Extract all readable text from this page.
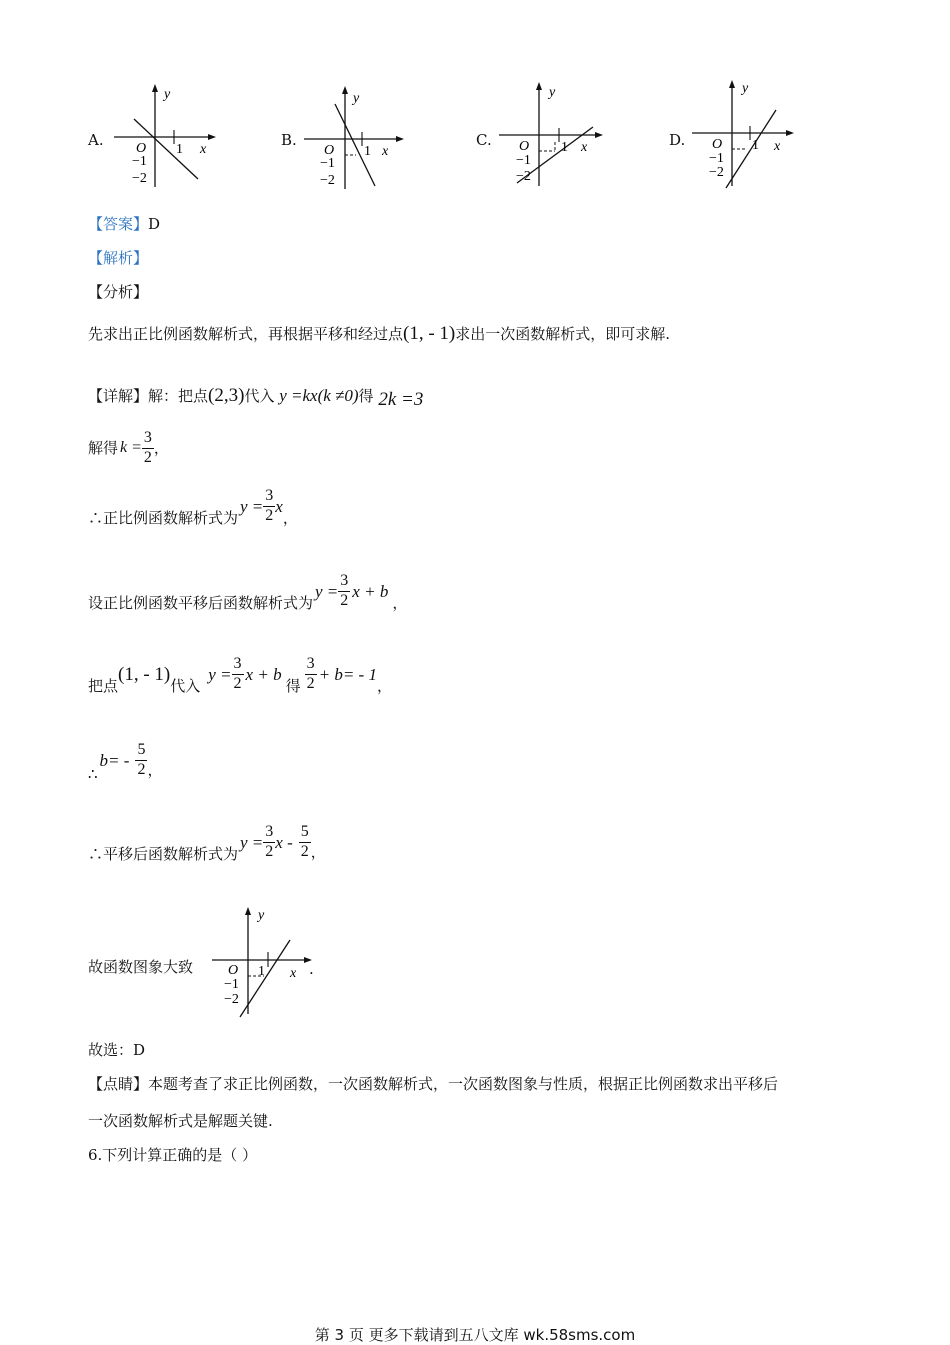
A.
y
x
O 1
−1
−2
B.
y
x
O 1
−1
−2
C.
y
x
O 1
−1
−2
D.
y
x
O 1
−1
−2
【答案】D
【解析】
【分析】
先求出正比例函数解析式，再根据平移和经过点(1, - 1)求出一次函数解析式，即可求解.
【详解】解：把点(2,3)代入 y =kx(k ≠0)得 2k =3
解得 $k = \frac{3}{2}$ ，
∴正比例函数解析式为
$y = \frac{3}{2}$ x
，
设正比例函数平移后函数解析式为
$y = \frac{3}{2}$ x + b
，
把点
(1, - 1)
代入
$y = \frac{3}{2}$ x + b
得 $\frac{3}{2} + b= - 1$
，
∴
$b= - \frac{5}{2}$ ，
∴平移后函数解析式为
$y = \frac{3}{2}$ x - $\frac{5}{2}$ ，
故函数图象大致
y
x
O 1
−1
−2
.
故选：D
【点睛】本题考查了求正比例函数，一次函数解析式，一次函数图象与性质，根据正比例函数求出平移后
一次函数解析式是解题关键.
6.下列计算正确的是（ ）
第 3 页 更多下载请到五八文库 wk.58sms.com
